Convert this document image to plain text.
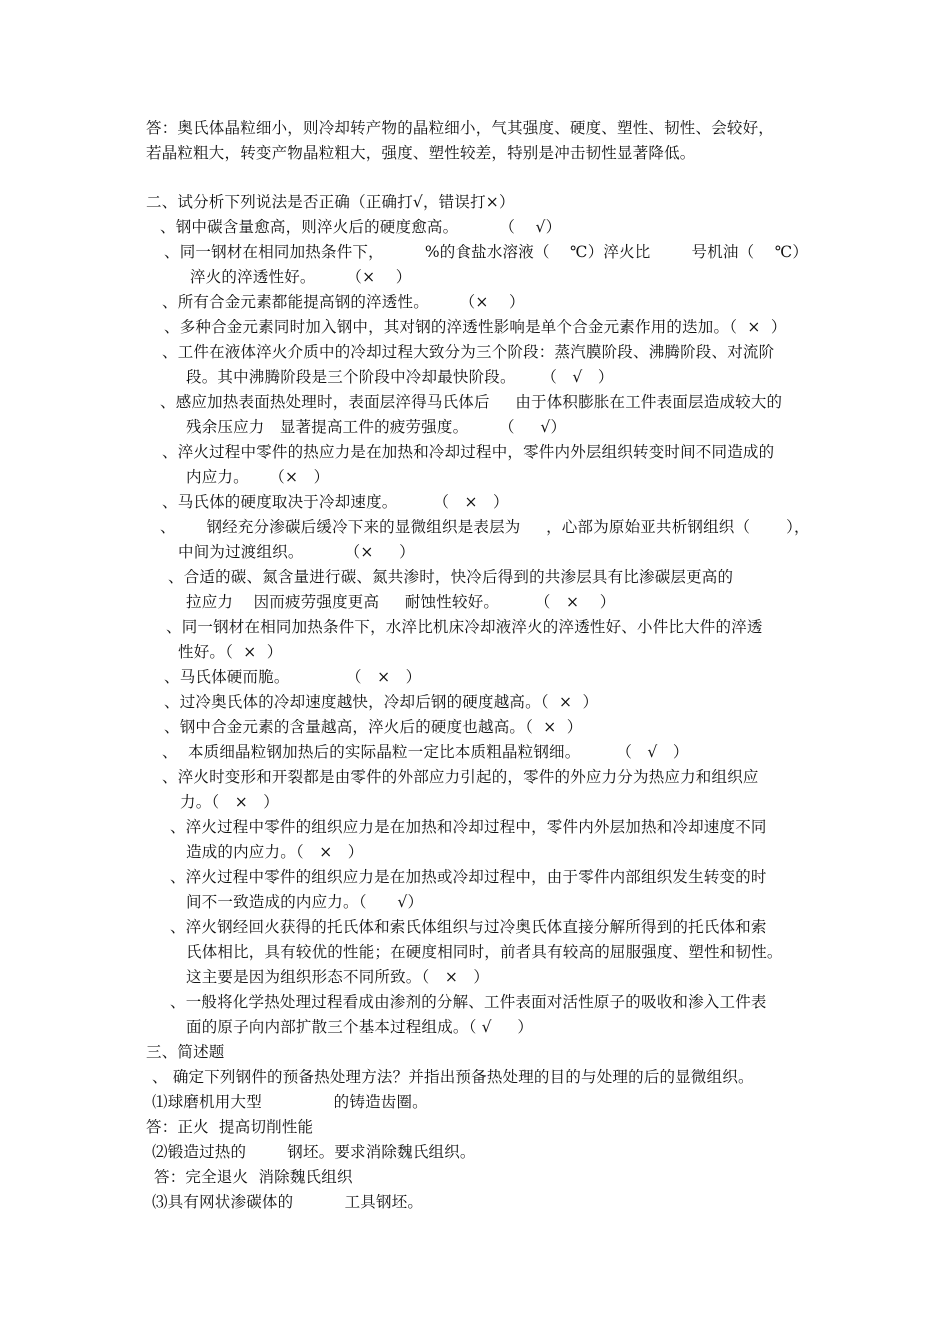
答：奥氏体晶粒细小，则冷却转产物的晶粒细小，气其强度、硬度、塑性、韧性、会较好，
若晶粒粗大，转变产物晶粒粗大，强度、塑性较差，特别是冲击韧性显著降低。
二、试分析下列说法是否正确（正确打√，错误打×）
、钢中碳含量愈高，则淬火后的硬度愈高。        （    √）
、同一钢材在相同加热条件下，        %的食盐水溶液（    ℃）淬火比        号机油（    ℃）
淬火的淬透性好。      （×    ）
、所有合金元素都能提高钢的淬透性。      （×    ）
、多种合金元素同时加入钢中，其对钢的淬透性影响是单个合金元素作用的迭加。（  ×  ）
、工件在液体淬火介质中的冷却过程大致分为三个阶段：蒸汽膜阶段、沸腾阶段、对流阶
段。其中沸腾阶段是三个阶段中冷却最快阶段。     （   √   ）
、感应加热表面热处理时，表面层淬得马氏体后     由于体积膨胀在工件表面层造成较大的
残余压应力   显著提高工件的疲劳强度。      （     √）
、淬火过程中零件的热应力是在加热和冷却过程中，零件内外层组织转变时间不同造成的
内应力。    （×   ）
、马氏体的硬度取决于冷却速度。       （   ×   ）
、      钢经充分渗碳后缓冷下来的显微组织是表层为     ，心部为原始亚共析钢组织（       ），
中间为过渡组织。        （×     ）
、合适的碳、氮含量进行碳、氮共渗时，快冷后得到的共渗层具有比渗碳层更高的
拉应力    因而疲劳强度更高     耐蚀性较好。       （   ×    ）
、同一钢材在相同加热条件下，水淬比机床冷却液淬火的淬透性好、小件比大件的淬透
性好。（  ×  ）
、马氏体硬而脆。           （   ×   ）
、过冷奥氏体的冷却速度越快，冷却后钢的硬度越高。（  ×  ）
、钢中合金元素的含量越高，淬火后的硬度也越高。（  ×  ）
、  本质细晶粒钢加热后的实际晶粒一定比本质粗晶粒钢细。       （   √   ）
、淬火时变形和开裂都是由零件的外部应力引起的，零件的外应力分为热应力和组织应
力。（   ×   ）
、淬火过程中零件的组织应力是在加热和冷却过程中，零件内外层加热和冷却速度不同
造成的内应力。（   ×   ）
、淬火过程中零件的组织应力是在加热或冷却过程中，由于零件内部组织发生转变的时
间不一致造成的内应力。（      √）
、淬火钢经回火获得的托氏体和索氏体组织与过冷奥氏体直接分解所得到的托氏体和索
氏体相比，具有较优的性能；在硬度相同时，前者具有较高的屈服强度、塑性和韧性。
这主要是因为组织形态不同所致。（   ×   ）
、一般将化学热处理过程看成由渗剂的分解、工件表面对活性原子的吸收和渗入工件表
面的原子向内部扩散三个基本过程组成。（ √     ）
三、简述题
、 确定下列钢件的预备热处理方法？并指出预备热处理的目的与处理的后的显微组织。
⑴球磨机用大型              的铸造齿圈。
答：正火  提高切削性能
⑵锻造过热的        钢坯。要求消除魏氏组织。
答：完全退火  消除魏氏组织
⑶具有网状渗碳体的          工具钢坯。
